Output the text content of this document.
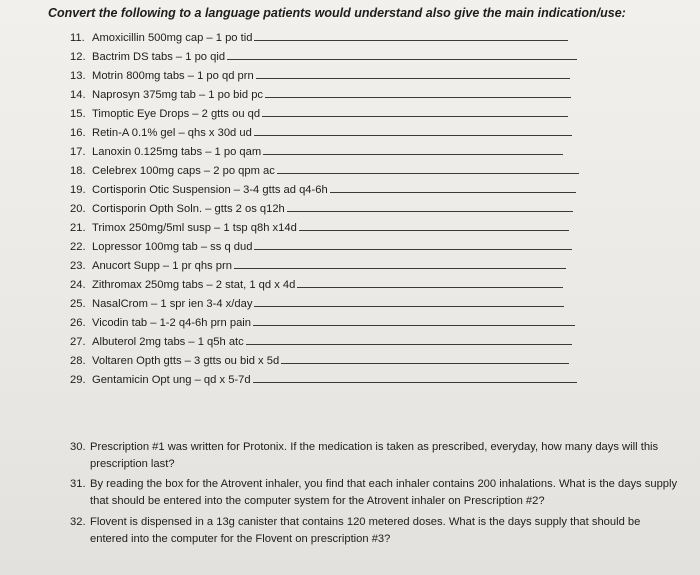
Convert the following to a language patients would understand also give the main indication/use:
11. Amoxicillin 500mg cap – 1 po tid
12. Bactrim DS tabs – 1 po qid
13. Motrin 800mg tabs – 1 po qd prn
14. Naprosyn 375mg tab – 1 po bid pc
15. Timoptic Eye Drops – 2 gtts ou qd
16. Retin-A 0.1% gel – qhs x 30d ud
17. Lanoxin 0.125mg tabs – 1 po qam
18. Celebrex 100mg caps – 2 po qpm ac
19. Cortisporin Otic Suspension – 3-4 gtts ad q4-6h
20. Cortisporin Opth Soln. – gtts 2 os q12h
21. Trimox 250mg/5ml susp – 1 tsp q8h x14d
22. Lopressor 100mg tab – ss q dud
23. Anucort Supp – 1 pr qhs prn
24. Zithromax 250mg tabs – 2 stat, 1 qd x 4d
25. NasalCrom – 1 spr ien 3-4 x/day
26. Vicodin tab – 1-2 q4-6h prn pain
27. Albuterol 2mg tabs – 1 q5h atc
28. Voltaren Opth gtts – 3 gtts ou bid x 5d
29. Gentamicin Opt ung – qd x 5-7d
30. Prescription #1 was written for Protonix. If the medication is taken as prescribed, everyday, how many days will this prescription last?
31. By reading the box for the Atrovent inhaler, you find that each inhaler contains 200 inhalations. What is the days supply that should be entered into the computer system for the Atrovent inhaler on Prescription #2?
32. Flovent is dispensed in a 13g canister that contains 120 metered doses. What is the days supply that should be entered into the computer for the Flovent on prescription #3?
